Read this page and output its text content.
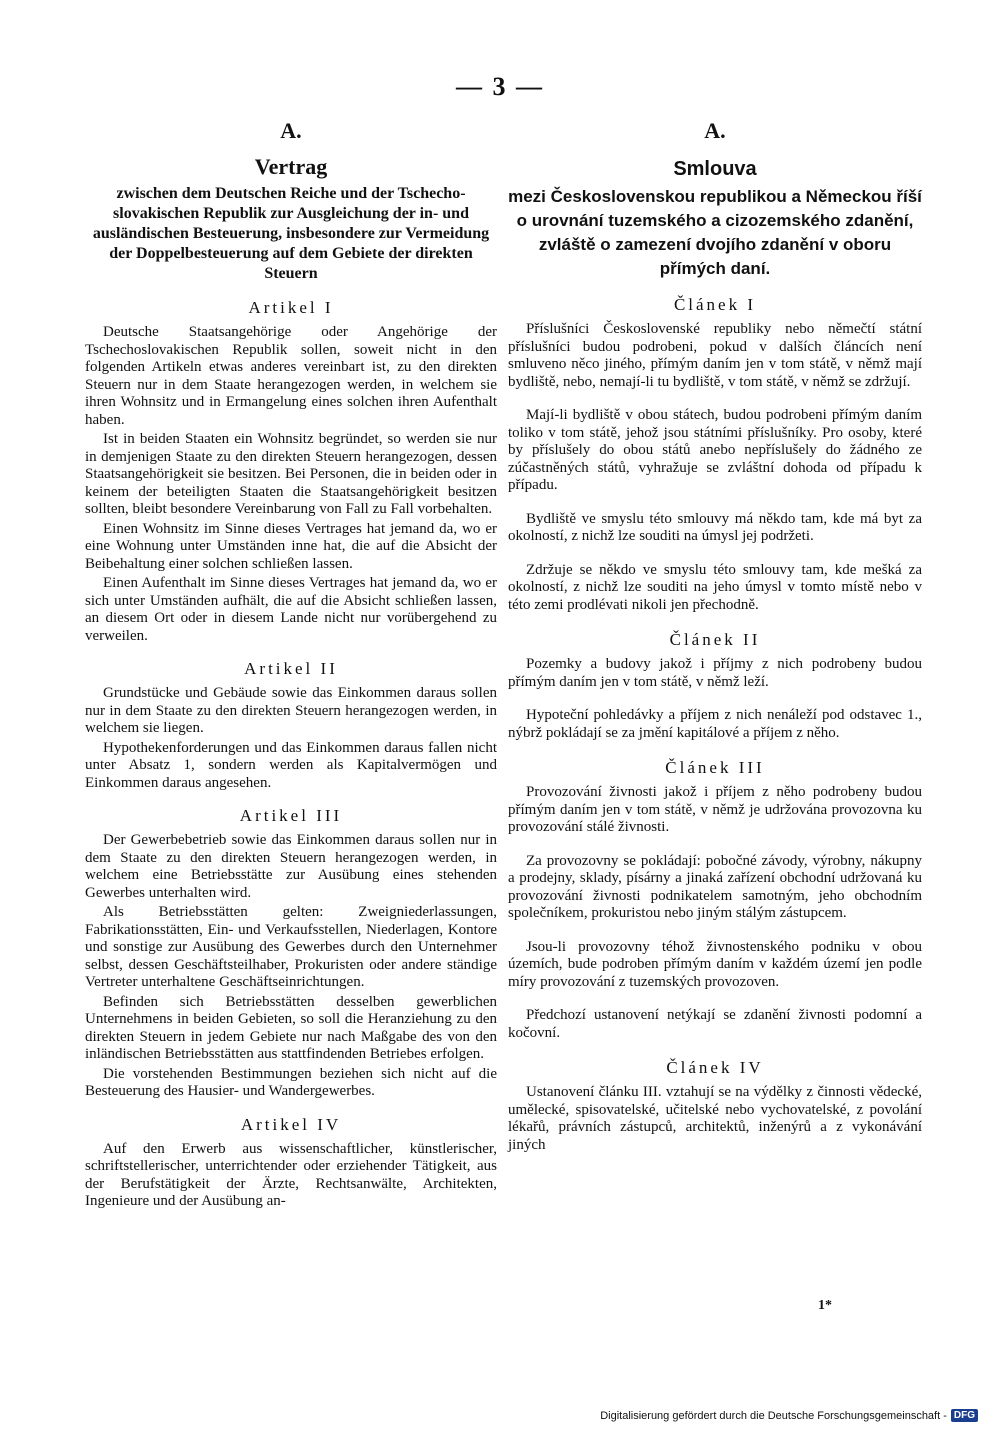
— 3 —
A.
Vertrag
zwischen dem Deutschen Reiche und der Tschecho-slovakischen Republik zur Ausgleichung der in- und ausländischen Besteuerung, insbesondere zur Vermeidung der Doppelbesteuerung auf dem Gebiete der direkten Steuern
Artikel I

Deutsche Staatsangehörige oder Angehörige der Tschechoslovakischen Republik sollen, soweit nicht in den folgenden Artikeln etwas anderes vereinbart ist, zu den direkten Steuern nur in dem Staate herangezogen werden, in welchem sie ihren Wohnsitz und in Ermangelung eines solchen ihren Aufenthalt haben.

Ist in beiden Staaten ein Wohnsitz begründet, so werden sie nur in demjenigen Staate zu den direkten Steuern herangezogen, dessen Staatsangehörigkeit sie besitzen. Bei Personen, die in beiden oder in keinem der beteiligten Staaten die Staatsangehörigkeit besitzen sollten, bleibt besondere Vereinbarung von Fall zu Fall vorbehalten.

Einen Wohnsitz im Sinne dieses Vertrages hat jemand da, wo er eine Wohnung unter Umständen inne hat, die auf die Absicht der Beibehaltung einer solchen schließen lassen.

Einen Aufenthalt im Sinne dieses Vertrages hat jemand da, wo er sich unter Umständen aufhält, die auf die Absicht schließen lassen, an diesem Ort oder in diesem Lande nicht nur vorübergehend zu verweilen.

Artikel II

Grundstücke und Gebäude sowie das Einkommen daraus sollen nur in dem Staate zu den direkten Steuern herangezogen werden, in welchem sie liegen.

Hypothekenforderungen und das Einkommen daraus fallen nicht unter Absatz 1, sondern werden als Kapitalvermögen und Einkommen daraus angesehen.

Artikel III

Der Gewerbebetrieb sowie das Einkommen daraus sollen nur in dem Staate zu den direkten Steuern herangezogen werden, in welchem eine Betriebsstätte zur Ausübung eines stehenden Gewerbes unterhalten wird.

Als Betriebsstätten gelten: Zweigniederlassungen, Fabrikationsstätten, Ein- und Verkaufsstellen, Niederlagen, Kontore und sonstige zur Ausübung des Gewerbes durch den Unternehmer selbst, dessen Geschäftsteilhaber, Prokuristen oder andere ständige Vertreter unterhaltene Geschäftseinrichtungen.

Befinden sich Betriebsstätten desselben gewerblichen Unternehmens in beiden Gebieten, so soll die Heranziehung zu den direkten Steuern in jedem Gebiete nur nach Maßgabe des von den inländischen Betriebsstätten aus stattfindenden Betriebes erfolgen.

Die vorstehenden Bestimmungen beziehen sich nicht auf die Besteuerung des Hausier- und Wandergewerbes.

Artikel IV

Auf den Erwerb aus wissenschaftlicher, künstlerischer, schriftstellerischer, unterrichtender oder erziehender Tätigkeit, aus der Berufstätigkeit der Ärzte, Rechtsanwälte, Architekten, Ingenieure und der Ausübung an-

A.
Smlouva
mezi Československou republikou a Německou říší o urovnání tuzemského a cizozemského zdanění, zvláště o zamezení dvojího zdanění v oboru přímých daní.
Článek I

Příslušníci Československé republiky nebo němečtí státní příslušníci budou podrobeni, pokud v dalších článcích není smluveno něco jiného, přímým daním jen v tom státě, v němž mají bydliště, nebo, nemají-li tu bydliště, v tom státě, v němž se zdržují.

Mají-li bydliště v obou státech, budou podrobeni přímým daním toliko v tom státě, jehož jsou státními příslušníky. Pro osoby, které by příslušely do obou států anebo nepříslušely do žádného ze zúčastněných států, vyhražuje se zvláštní dohoda od případu k případu.

Bydliště ve smyslu této smlouvy má někdo tam, kde má byt za okolností, z nichž lze souditi na úmysl jej podržeti.

Zdržuje se někdo ve smyslu této smlouvy tam, kde mešká za okolností, z nichž lze souditi na jeho úmysl v tomto místě nebo v této zemi prodlévati nikoli jen přechodně.

Článek II

Pozemky a budovy jakož i příjmy z nich podrobeny budou přímým daním jen v tom státě, v němž leží.

Hypoteční pohledávky a příjem z nich nenáleží pod odstavec 1., nýbrž pokládají se za jmění kapitálové a příjem z něho.

Článek III

Provozování živnosti jakož i příjem z něho podrobeny budou přímým daním jen v tom státě, v němž je udržována provozovna ku provozování stálé živnosti.

Za provozovny se pokládají: pobočné závody, výrobny, nákupny a prodejny, sklady, písárny a jinaká zařízení obchodní udržovaná ku provozování živnosti podnikatelem samotným, jeho obchodním společníkem, prokuristou nebo jiným stálým zástupcem.

Jsou-li provozovny téhož živnostenského podniku v obou územích, bude podroben přímým daním v každém území jen podle míry provozování z tuzemských provozoven.

Předchozí ustanovení netýkají se zdanění živnosti podomní a kočovní.

Článek IV

Ustanovení článku III. vztahují se na výdělky z činnosti vědecké, umělecké, spisovatelské, učitelské nebo vychovatelské, z povolání lékařů, právních zástupců, architektů, inženýrů a z vykonávání jiných

1*
Digitalisierung gefördert durch die Deutsche Forschungsgemeinschaft - DFG
